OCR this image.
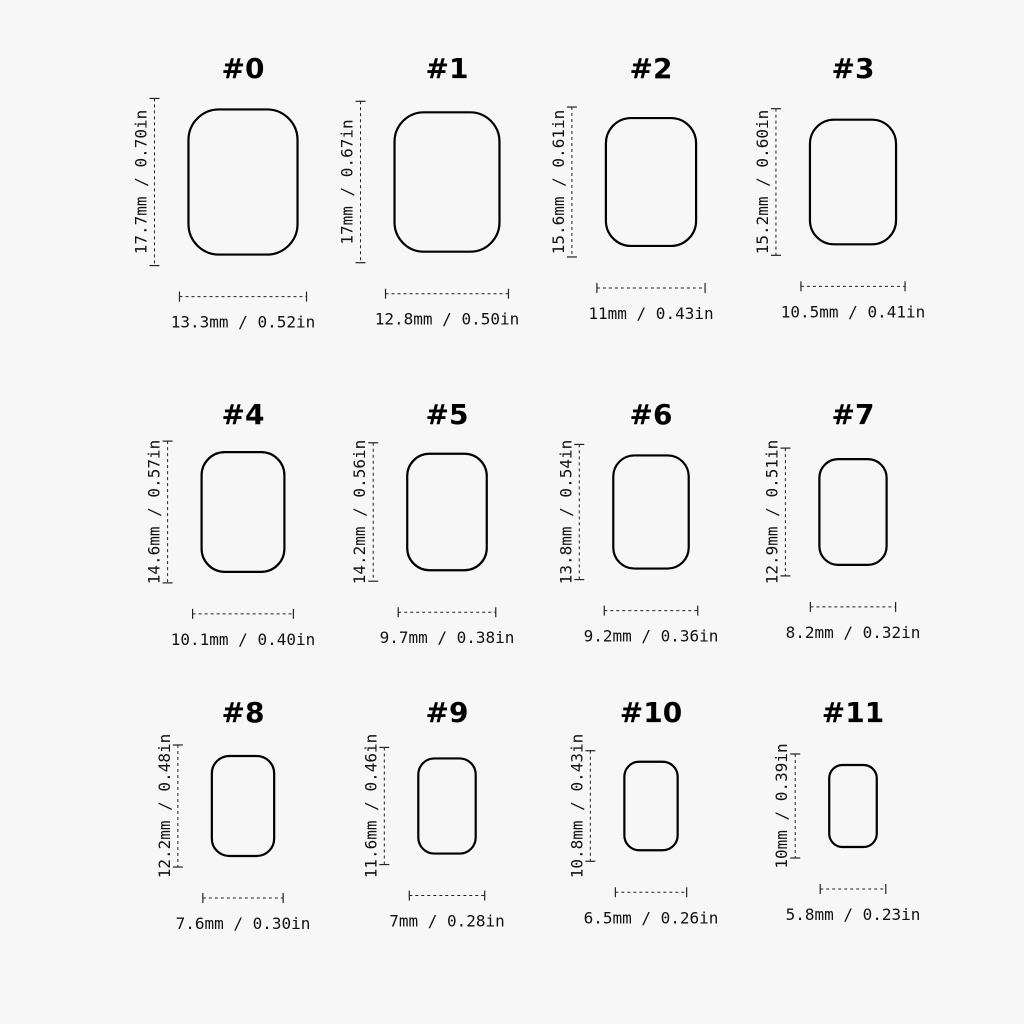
#0
17.7mm / 0.70in
13.3mm / 0.52in
#1
17mm / 0.67in
12.8mm / 0.50in
#2
15.6mm / 0.61in
11mm / 0.43in
#3
15.2mm / 0.60in
10.5mm / 0.41in
#4
14.6mm / 0.57in
10.1mm / 0.40in
#5
14.2mm / 0.56in
9.7mm / 0.38in
#6
13.8mm / 0.54in
9.2mm / 0.36in
#7
12.9mm / 0.51in
8.2mm / 0.32in
#8
12.2mm / 0.48in
7.6mm / 0.30in
#9
11.6mm / 0.46in
7mm / 0.28in
#10
10.8mm / 0.43in
6.5mm / 0.26in
#11
10mm / 0.39in
5.8mm / 0.23in
